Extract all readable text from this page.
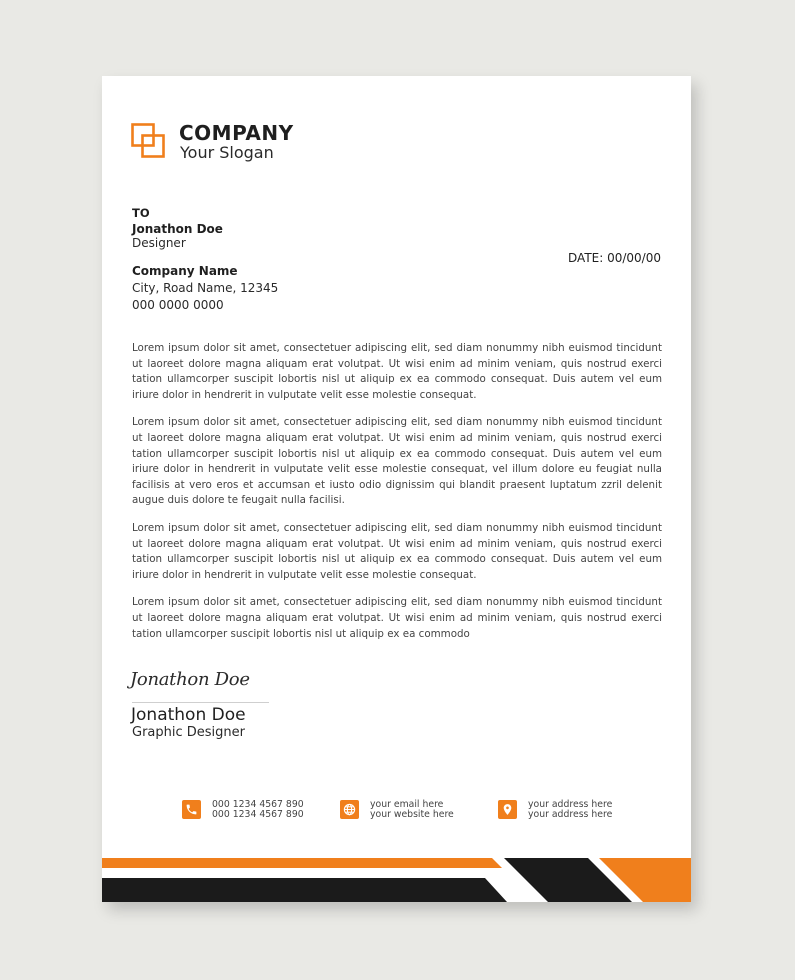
COMPANY
Your Slogan
TO
Jonathon Doe
Designer
DATE: 00/00/00
Company Name
City, Road Name, 12345
000 0000 0000

Lorem ipsum dolor sit amet, consectetuer adipiscing elit, sed diam nonummy nibh euismod tincidunt ut laoreet dolore magna aliquam erat volutpat. Ut wisi enim ad minim veniam, quis nostrud exerci tation ullamcorper suscipit lobortis nisl ut aliquip ex ea commodo consequat. Duis autem vel eum iriure dolor in hendrerit in vulputate velit esse molestie consequat.

Lorem ipsum dolor sit amet, consectetuer adipiscing elit, sed diam nonummy nibh euismod tincidunt ut laoreet dolore magna aliquam erat volutpat. Ut wisi enim ad minim veniam, quis nostrud exerci tation ullamcorper suscipit lobortis nisl ut aliquip ex ea commodo consequat. Duis autem vel eum iriure dolor in hendrerit in vulputate velit esse molestie consequat, vel illum dolore eu feugiat nulla facilisis at vero eros et accumsan et iusto odio dignissim qui blandit praesent luptatum zzril delenit augue duis dolore te feugait nulla facilisi.

Lorem ipsum dolor sit amet, consectetuer adipiscing elit, sed diam nonummy nibh euismod tincidunt ut laoreet dolore magna aliquam erat volutpat. Ut wisi enim ad minim veniam, quis nostrud exerci tation ullamcorper suscipit lobortis nisl ut aliquip ex ea commodo consequat. Duis autem vel eum iriure dolor in hendrerit in vulputate velit esse molestie consequat.

Lorem ipsum dolor sit amet, consectetuer adipiscing elit, sed diam nonummy nibh euismod tincidunt ut laoreet dolore magna aliquam erat volutpat. Ut wisi enim ad minim veniam, quis nostrud exerci tation ullamcorper suscipit lobortis nisl ut aliquip ex ea commodo

Jonathon Doe
Jonathon Doe
Graphic Designer
000 1234 4567 890
000 1234 4567 890
your email here
your website here
your address here
your address here
